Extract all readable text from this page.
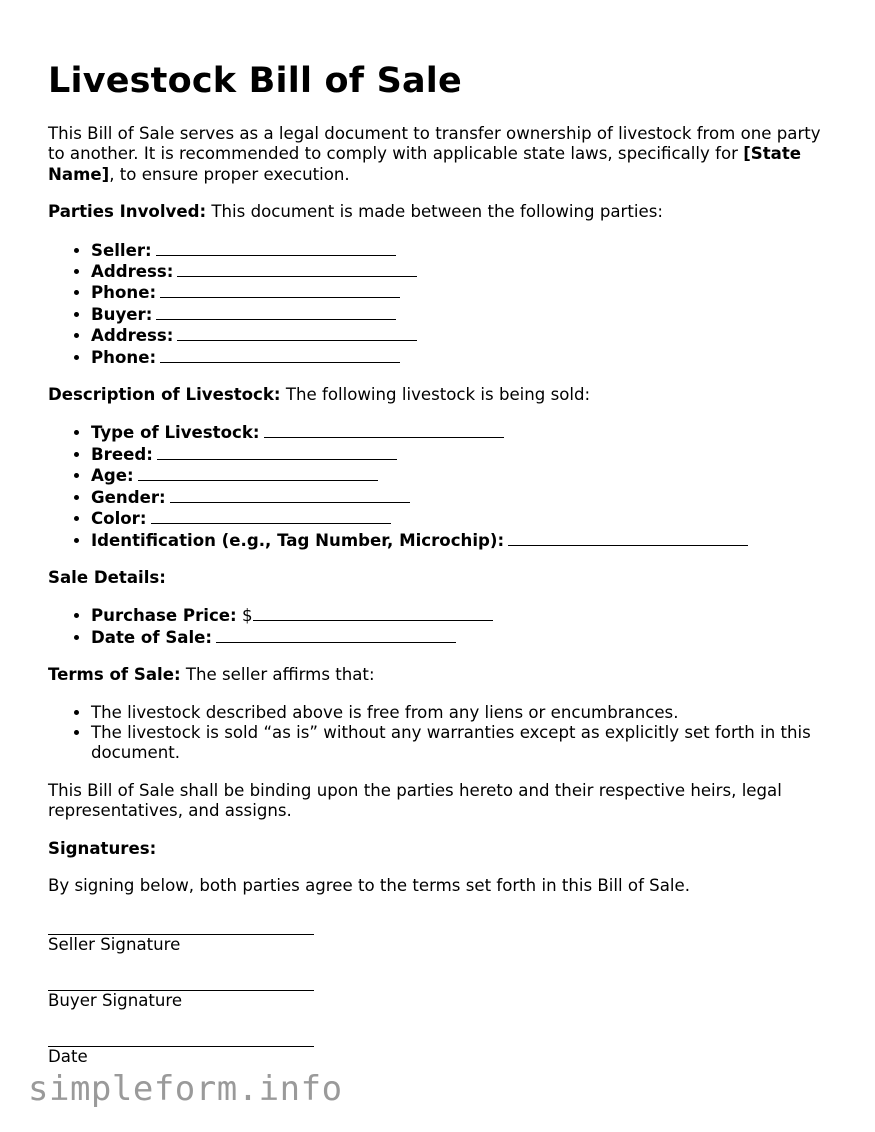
Livestock Bill of Sale

This Bill of Sale serves as a legal document to transfer ownership of livestock from one party to another. It is recommended to comply with applicable state laws, specifically for [State Name], to ensure proper execution.

Parties Involved: This document is made between the following parties:

• Seller:
• Address:
• Phone:
• Buyer:
• Address:
• Phone:

Description of Livestock: The following livestock is being sold:

• Type of Livestock:
• Breed:
• Age:
• Gender:
• Color:
• Identification (e.g., Tag Number, Microchip):

Sale Details:

• Purchase Price: $
• Date of Sale:

Terms of Sale: The seller affirms that:

• The livestock described above is free from any liens or encumbrances.
• The livestock is sold “as is” without any warranties except as explicitly set forth in this document.

This Bill of Sale shall be binding upon the parties hereto and their respective heirs, legal representatives, and assigns.

Signatures:

By signing below, both parties agree to the terms set forth in this Bill of Sale.

Seller Signature
Buyer Signature
Date
simpleform.info
